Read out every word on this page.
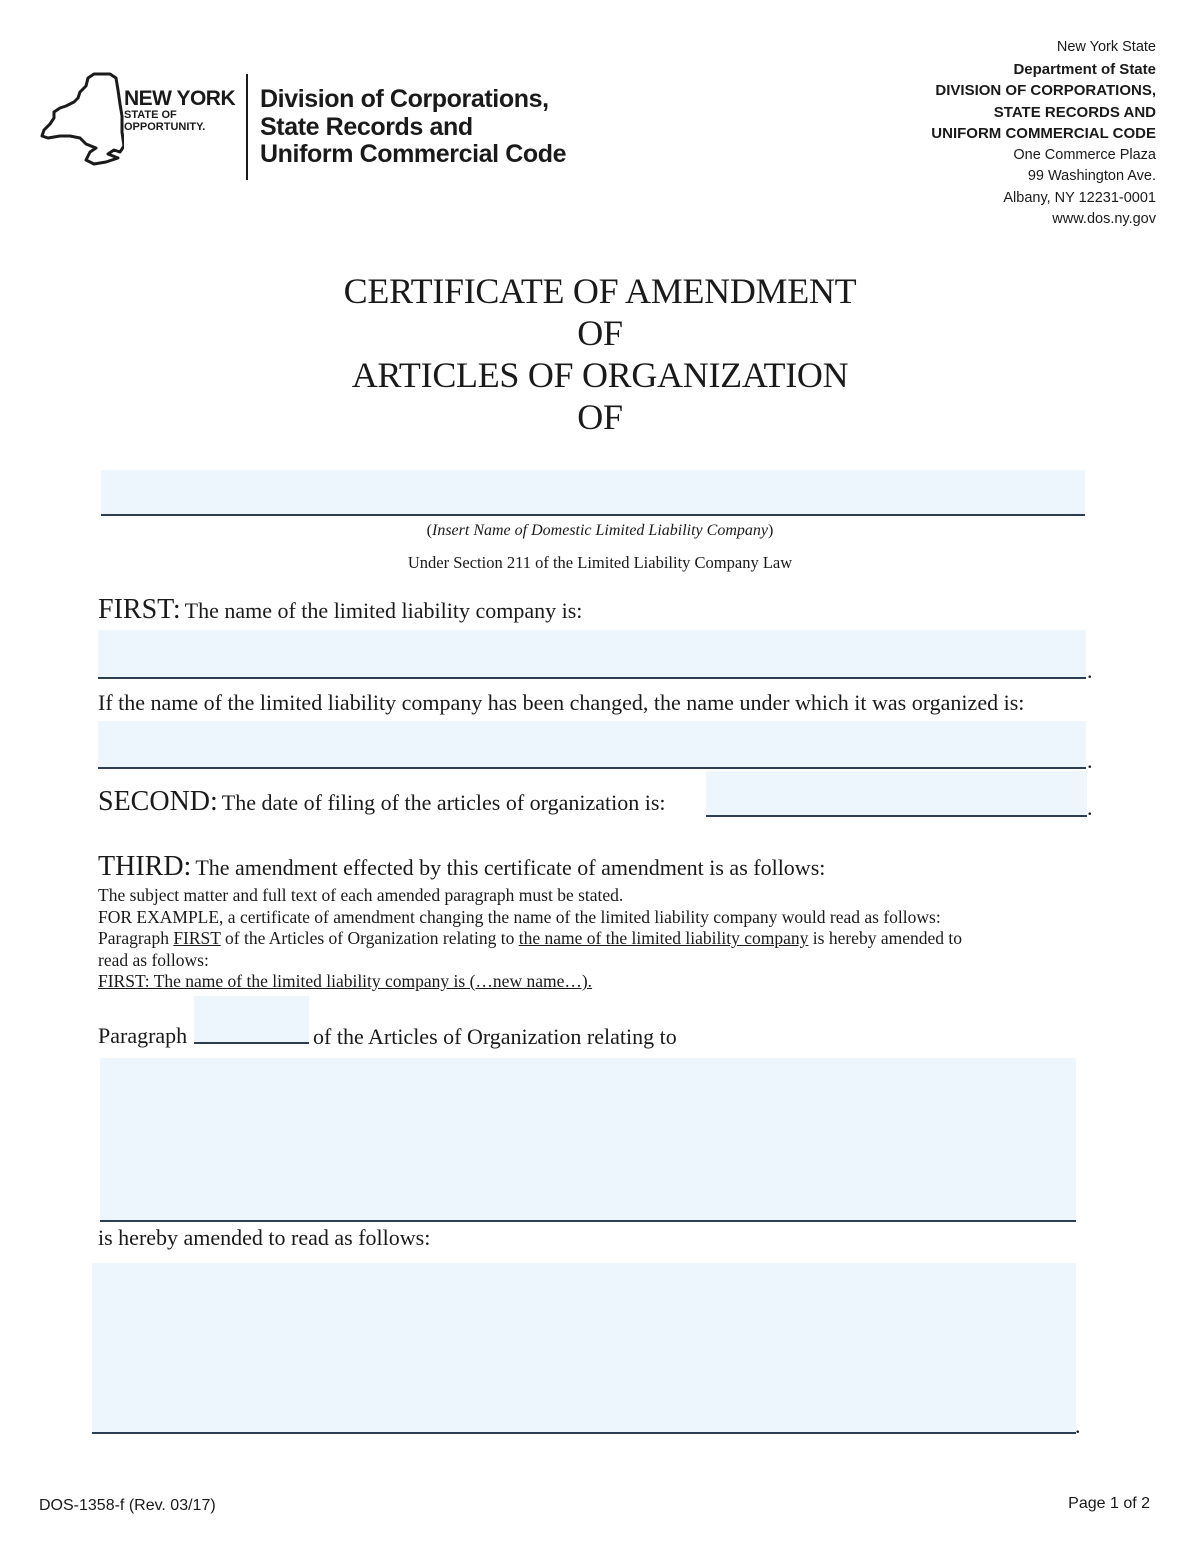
NEW YORK
STATE OF
OPPORTUNITY.
Division of Corporations,
State Records and
Uniform Commercial Code
New York State
Department of State
DIVISION OF CORPORATIONS,
STATE RECORDS AND
UNIFORM COMMERCIAL CODE
One Commerce Plaza
99 Washington Ave.
Albany, NY 12231-0001
www.dos.ny.gov
CERTIFICATE OF AMENDMENT
OF
ARTICLES OF ORGANIZATION
OF
(Insert Name of Domestic Limited Liability Company)
Under Section 211 of the Limited Liability Company Law
FIRST: The name of the limited liability company is:
.
If the name of the limited liability company has been changed, the name under which it was organized is:
.
SECOND: The date of filing of the articles of organization is:	.
THIRD: The amendment effected by this certificate of amendment is as follows:
The subject matter and full text of each amended paragraph must be stated.
FOR EXAMPLE, a certificate of amendment changing the name of the limited liability company would read as follows:
Paragraph FIRST of the Articles of Organization relating to the name of the limited liability company is hereby amended to
read as follows:
FIRST: The name of the limited liability company is (…new name…).
Paragraph	of the Articles of Organization relating to
is hereby amended to read as follows:
.
DOS-1358-f (Rev. 03/17)	Page 1 of 2
